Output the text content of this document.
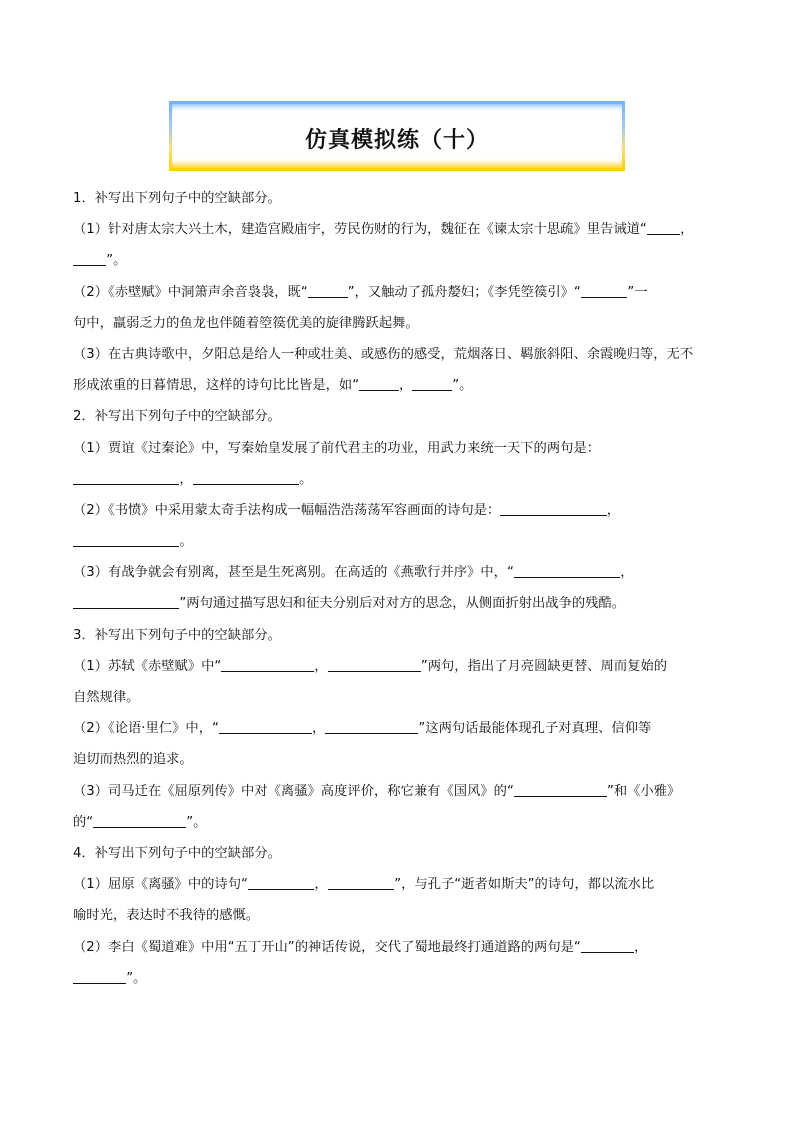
仿真模拟练（十）
1．补写出下列句子中的空缺部分。
（1）针对唐太宗大兴土木，建造宫殿庙宇，劳民伤财的行为，魏征在《谏太宗十思疏》里告诫道“	，
”。
（2）《赤壁赋》中洞箫声余音袅袅，既“	”，又触动了孤舟嫠妇；《李凭箜篌引》“	”一
句中，羸弱乏力的鱼龙也伴随着箜篌优美的旋律腾跃起舞。
（3）在古典诗歌中，夕阳总是给人一种或壮美、或感伤的感受，荒烟落日、羁旅斜阳、余霞晚归等，无不
形成浓重的日暮情思，这样的诗句比比皆是，如“	，	”。
2．补写出下列句子中的空缺部分。
（1）贾谊《过秦论》中，写秦始皇发展了前代君主的功业，用武力来统一天下的两句是：
，	。
（2）《书愤》中采用蒙太奇手法构成一幅幅浩浩荡荡军容画面的诗句是：	，
。
（3）有战争就会有别离，甚至是生死离别。在高适的《燕歌行并序》中，“	，
”两句通过描写思妇和征夫分别后对对方的思念，从侧面折射出战争的残酷。
3．补写出下列句子中的空缺部分。
（1）苏轼《赤壁赋》中“	，	”两句，指出了月亮圆缺更替、周而复始的
自然规律。
（2）《论语·里仁》中，“	，	”这两句话最能体现孔子对真理、信仰等
迫切而热烈的追求。
（3）司马迁在《屈原列传》中对《离骚》高度评价，称它兼有《国风》的“	”和《小雅》
的“	”。
4．补写出下列句子中的空缺部分。
（1）屈原《离骚》中的诗句“	，	”，与孔子“逝者如斯夫”的诗句，都以流水比
喻时光，表达时不我待的感慨。
（2）李白《蜀道难》中用“五丁开山”的神话传说，交代了蜀地最终打通道路的两句是“	，
”。
